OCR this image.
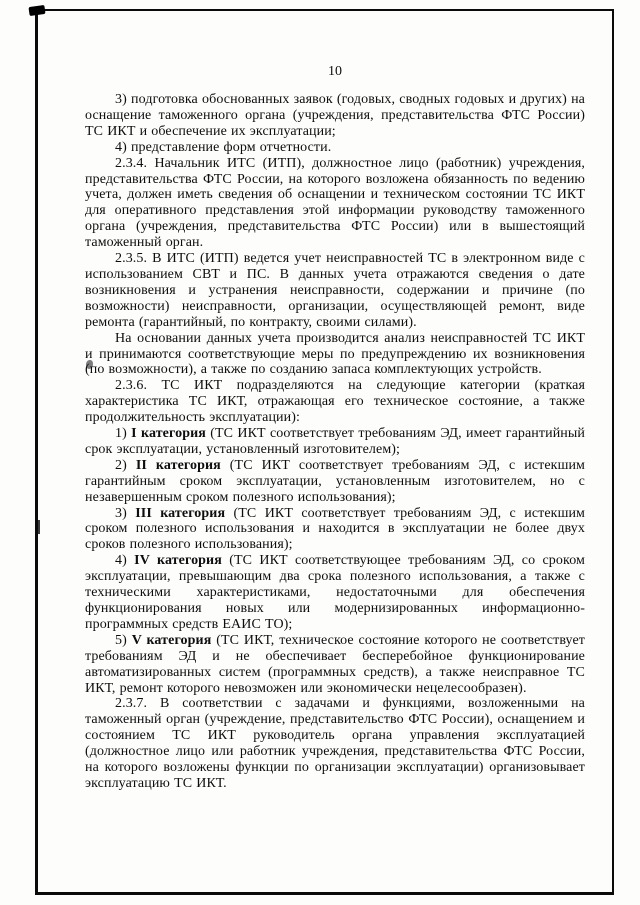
10

3) подготовка обоснованных заявок (годовых, сводных годовых и других) на оснащение таможенного органа (учреждения, представительства ФТС России) ТС ИКТ и обеспечение их эксплуатации;

4) представление форм отчетности.

2.3.4. Начальник ИТС (ИТП), должностное лицо (работник) учреждения, представительства ФТС России, на которого возложена обязанность по ведению учета, должен иметь сведения об оснащении и техническом состоянии ТС ИКТ для оперативного представления этой информации руководству таможенного органа (учреждения, представительства ФТС России) или в вышестоящий таможенный орган.

2.3.5. В ИТС (ИТП) ведется учет неисправностей ТС в электронном виде с использованием СВТ и ПС. В данных учета отражаются сведения о дате возникновения и устранения неисправности, содержании и причине (по возможности) неисправности, организации, осуществляющей ремонт, виде ремонта (гарантийный, по контракту, своими силами).

На основании данных учета производится анализ неисправностей ТС ИКТ и принимаются соответствующие меры по предупреждению их возникновения (по возможности), а также по созданию запаса комплектующих устройств.

2.3.6. ТС ИКТ подразделяются на следующие категории (краткая характеристика ТС ИКТ, отражающая его техническое состояние, а также продолжительность эксплуатации):

1) I категория (ТС ИКТ соответствует требованиям ЭД, имеет гарантийный срок эксплуатации, установленный изготовителем);

2) II категория (ТС ИКТ соответствует требованиям ЭД, с истекшим гарантийным сроком эксплуатации, установленным изготовителем, но с незавершенным сроком полезного использования);

3) III категория (ТС ИКТ соответствует требованиям ЭД, с истекшим сроком полезного использования и находится в эксплуатации не более двух сроков полезного использования);

4) IV категория (ТС ИКТ соответствующее требованиям ЭД, со сроком эксплуатации, превышающим два срока полезного использования, а также с техническими характеристиками, недостаточными для обеспечения функционирования новых или модернизированных информационно-программных средств ЕАИС ТО);

5) V категория (ТС ИКТ, техническое состояние которого не соответствует требованиям ЭД и не обеспечивает бесперебойное функционирование автоматизированных систем (программных средств), а также неисправное ТС ИКТ, ремонт которого невозможен или экономически нецелесообразен).

2.3.7. В соответствии с задачами и функциями, возложенными на таможенный орган (учреждение, представительство ФТС России), оснащением и состоянием ТС ИКТ руководитель органа управления эксплуатацией (должностное лицо или работник учреждения, представительства ФТС России, на которого возложены функции по организации эксплуатации) организовывает эксплуатацию ТС ИКТ.
